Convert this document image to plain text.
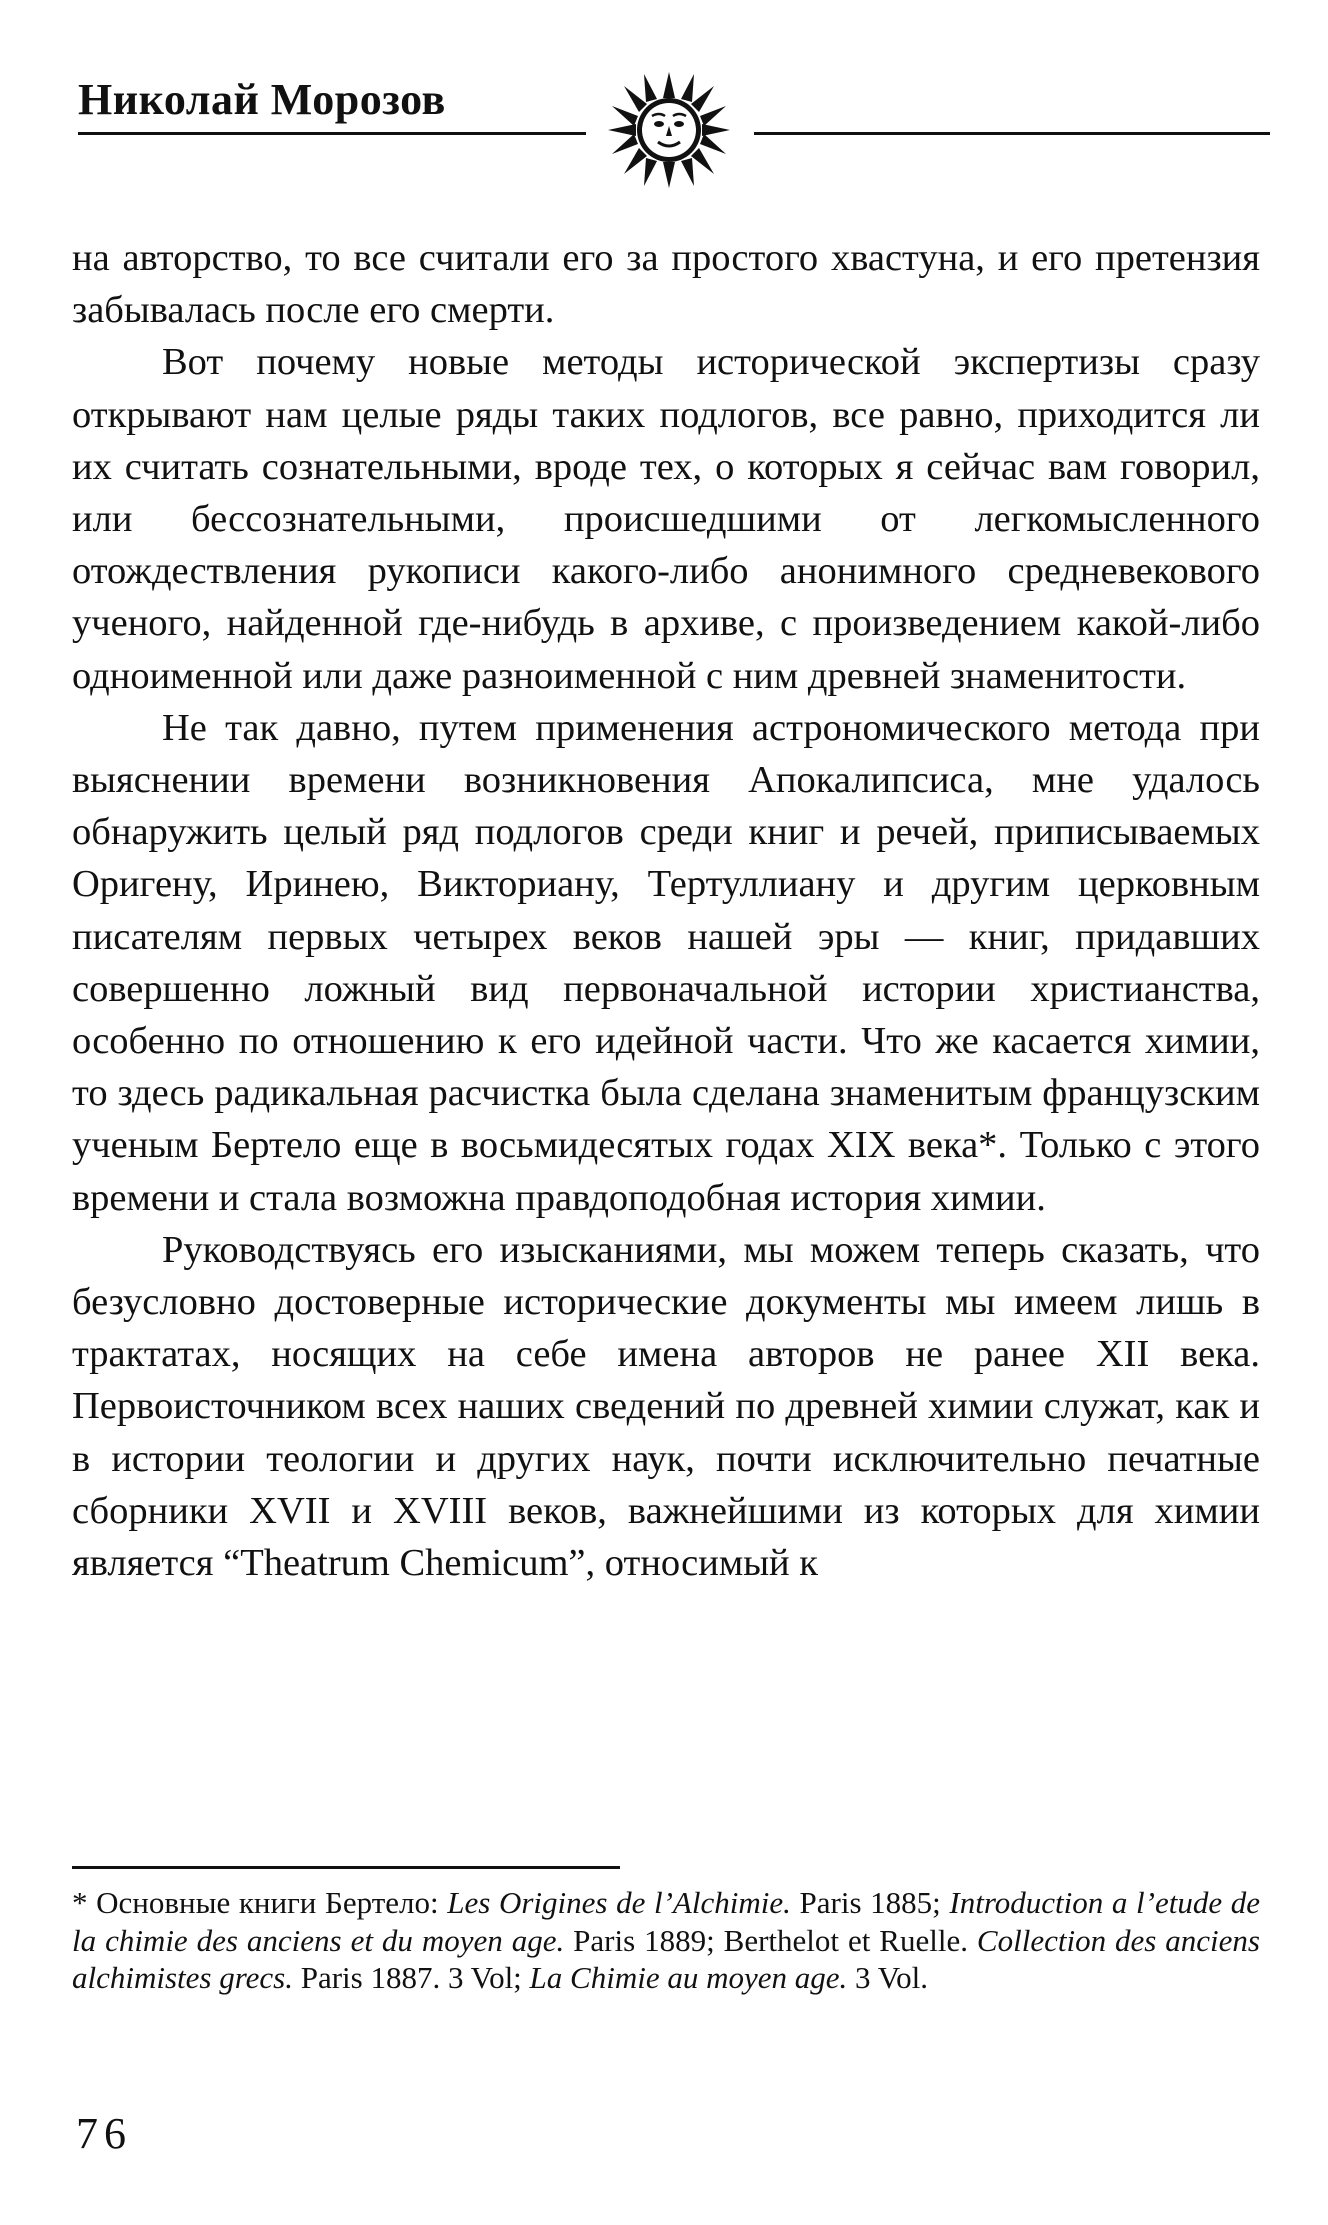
Николай Морозов

на авторство, то все считали его за простого хвастуна, и его претензия забывалась после его смерти.

Вот почему новые методы исторической экспертизы сразу открывают нам целые ряды таких подлогов, все равно, приходится ли их считать сознательными, вроде тех, о которых я сейчас вам говорил, или бессознательными, происшедшими от легкомысленного отождествления рукописи какого-либо анонимного средневекового ученого, найденной где-нибудь в архиве, с произведением какой-либо одноименной или даже разноименной с ним древней знаменитости.

Не так давно, путем применения астрономического метода при выяснении времени возникновения Апокалипсиса, мне удалось обнаружить целый ряд подлогов среди книг и речей, приписываемых Оригену, Иринею, Викториану, Тертуллиану и другим церковным писателям первых четырех веков нашей эры — книг, придавших совершенно ложный вид первоначальной истории христианства, особенно по отношению к его идейной части. Что же касается химии, то здесь радикальная расчистка была сделана знаменитым французским ученым Бертело еще в восьмидесятых годах XIX века*. Только с этого времени и стала возможна правдоподобная история химии.

Руководствуясь его изысканиями, мы можем теперь сказать, что безусловно достоверные исторические документы мы имеем лишь в трактатах, носящих на себе имена авторов не ранее XII века. Первоисточником всех наших сведений по древней химии служат, как и в истории теологии и других наук, почти исключительно печатные сборники XVII и XVIII веков, важнейшими из которых для химии является “Theatrum Chemicum”, относимый к

* Основные книги Бертело: Les Origines de l’Alchimie. Paris 1885; Introduction a l’etude de la chimie des anciens et du moyen age. Paris 1889; Berthelot et Ruelle. Collection des anciens alchimistes grecs. Paris 1887. 3 Vol; La Chimie au moyen age. 3 Vol.

76
